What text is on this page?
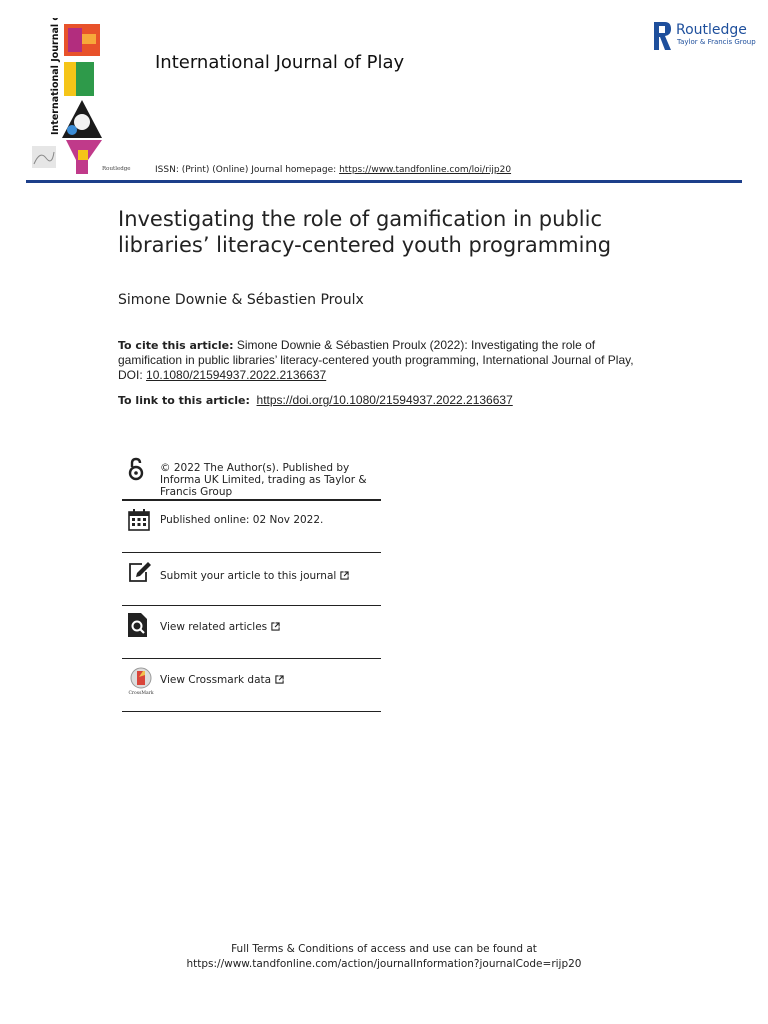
International Journal of
Routledge
International Journal of Play
Routledge
Taylor & Francis Group
ISSN: (Print) (Online) Journal homepage: https://www.tandfonline.com/loi/rijp20
Investigating the role of gamification in public libraries’ literacy-centered youth programming
Simone Downie & Sébastien Proulx
To cite this article: Simone Downie & Sébastien Proulx (2022): Investigating the role of gamification in public libraries’ literacy-centered youth programming, International Journal of Play, DOI: 10.1080/21594937.2022.2136637
To link to this article: https://doi.org/10.1080/21594937.2022.2136637
© 2022 The Author(s). Published by Informa UK Limited, trading as Taylor & Francis Group
Published online: 02 Nov 2022.
Submit your article to this journal
View related articles
CrossMark
View Crossmark data
Full Terms & Conditions of access and use can be found at
https://www.tandfonline.com/action/journalInformation?journalCode=rijp20
